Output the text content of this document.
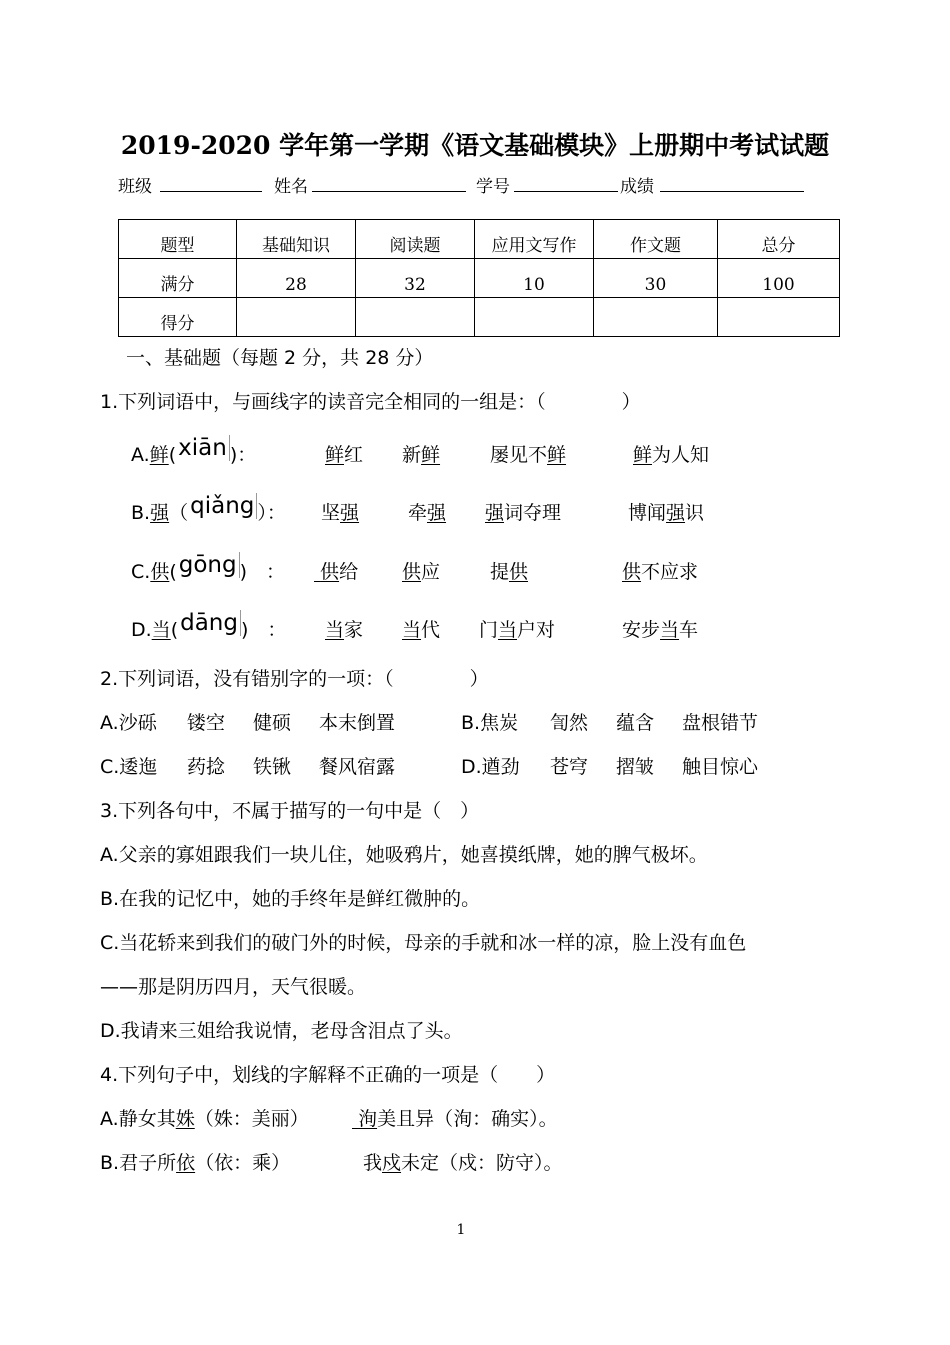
2019-2020 学年第一学期《语文基础模块》上册期中考试试题
班级	姓名	学号	成绩
题型	基础知识	阅读题	应用文写作	作文题	总分
满分	28	32	10	30	100
得分					
一、基础题（每题 2 分，共 28 分）
1.下列词语中，与画线字的读音完全相同的一组是：（　　　　）
A.鲜(xiān )：	鲜红 新鲜	屡见不鲜	鲜为人知
B.强（qiǎng ）： 坚强	牵强 强词夺理	博闻强识
C.供(gōng )　：	供给 供应	提供	供不应求
D.当(dāng )　： 当家 当代 门当户对	安步当车
2.下列词语，没有错别字的一项：（　　　　）
A.沙砾 镂空 健硕 本末倒置	B.焦炭 訇然 蕴含 盘根错节
C.逶迤 药捻 铁锹 餐风宿露	D.遒劲 苍穹 摺皱 触目惊心
3.下列各句中，不属于描写的一句中是（　）
A.父亲的寡姐跟我们一块儿住，她吸鸦片，她喜摸纸牌，她的脾气极坏。
B.在我的记忆中，她的手终年是鲜红微肿的。
C.当花轿来到我们的破门外的时候，母亲的手就和冰一样的凉，脸上没有血色
——那是阴历四月，天气很暖。
D.我请来三姐给我说情，老母含泪点了头。
4.下列句子中，划线的字解释不正确的一项是（　　）
A.静女其姝（姝：美丽）	洵美且异（洵：确实）。
B.君子所依（依：乘）	我戍未定（戍：防守）。
1
